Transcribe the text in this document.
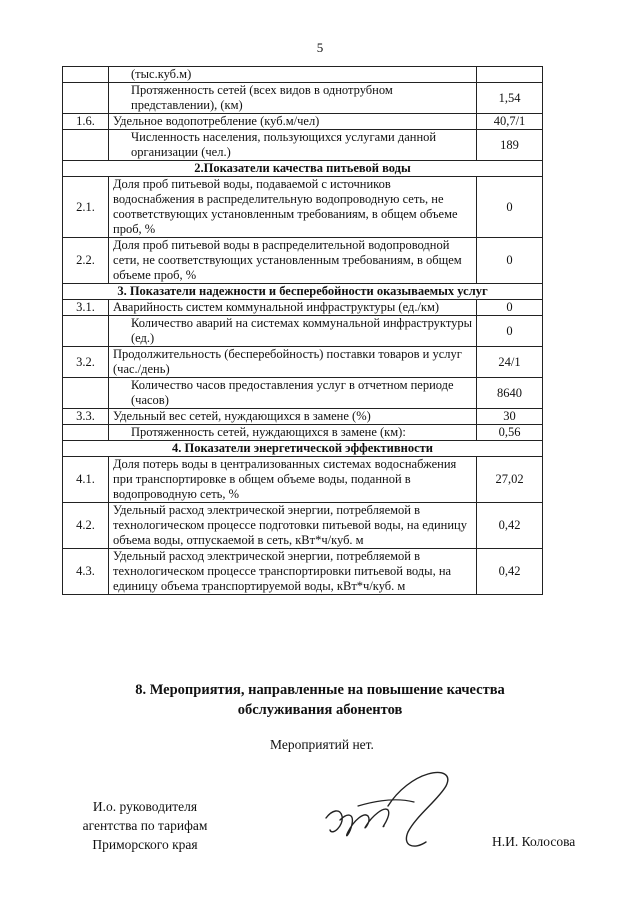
5
	(тыс.куб.м)	
	Протяженность сетей (всех видов в однотрубном представлении), (км)	1,54
1.6.	Удельное водопотребление (куб.м/чел)	40,7/1
	Численность населения, пользующихся услугами данной организации (чел.)	189
2.Показатели качества питьевой воды		
2.1.	Доля проб питьевой воды, подаваемой с источников водоснабжения в распределительную водопроводную сеть, не соответствующих установленным требованиям, в общем объеме проб, %	0
2.2.	Доля проб питьевой воды в распределительной водопроводной сети, не соответствующих установленным требованиям, в общем объеме проб, %	0
3. Показатели надежности и бесперебойности оказываемых услуг		
3.1.	Аварийность систем коммунальной инфраструктуры (ед./км)	0
	Количество аварий на системах коммунальной инфраструктуры (ед.)	0
3.2.	Продолжительность (бесперебойность) поставки товаров и услуг (час./день)	24/1
	Количество часов предоставления услуг в отчетном периоде (часов)	8640
3.3.	Удельный вес сетей, нуждающихся в замене (%)	30
	Протяженность сетей, нуждающихся в замене (км):	0,56
4. Показатели энергетической эффективности		
4.1.	Доля потерь воды в централизованных системах водоснабжения при транспортировке в общем объеме воды, поданной в водопроводную сеть, %	27,02
4.2.	Удельный расход электрической энергии, потребляемой в технологическом процессе подготовки питьевой воды, на единицу объема воды, отпускаемой в сеть, кВт*ч/куб. м	0,42
4.3.	Удельный расход электрической энергии, потребляемой в технологическом процессе транспортировки питьевой воды, на единицу объема транспортируемой воды, кВт*ч/куб. м	0,42
8. Мероприятия, направленные на повышение качества
обслуживания абонентов
Мероприятий нет.
И.о. руководителя
агентства по тарифам
Приморского края	Н.И. Колосова
